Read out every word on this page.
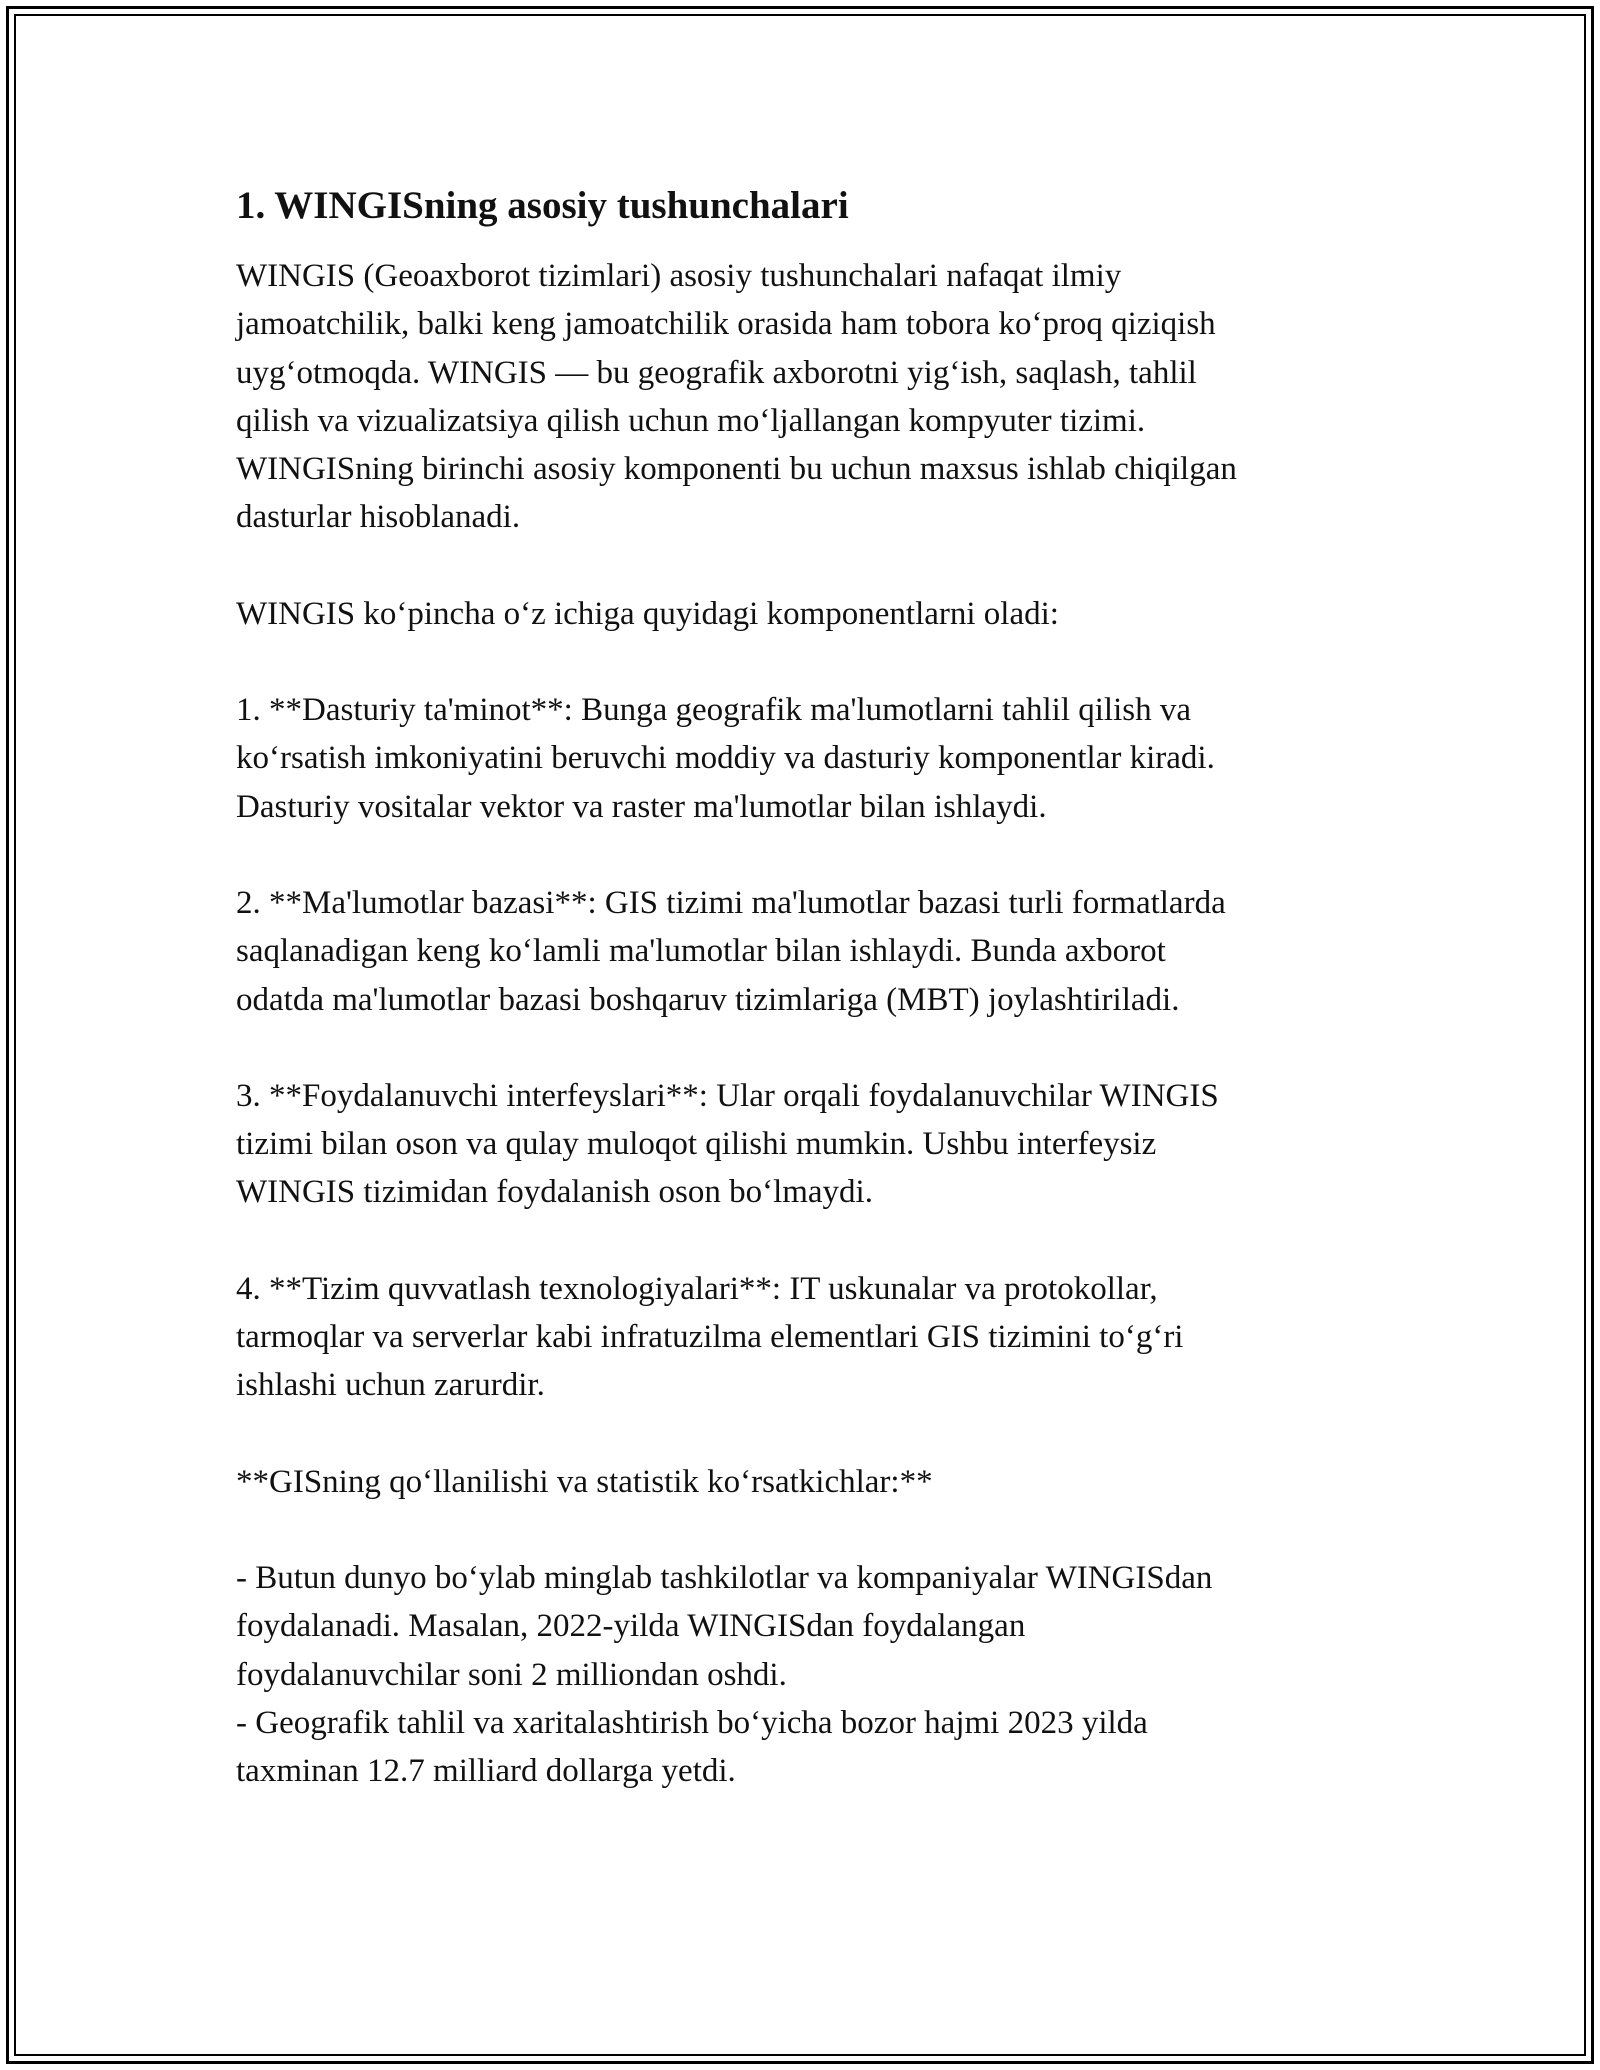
1. WINGISning asosiy tushunchalari
WINGIS (Geoaxborot tizimlari) asosiy tushunchalari nafaqat ilmiy
jamoatchilik, balki keng jamoatchilik orasida ham tobora ko‘proq qiziqish
uyg‘otmoqda. WINGIS — bu geografik axborotni yig‘ish, saqlash, tahlil
qilish va vizualizatsiya qilish uchun mo‘ljallangan kompyuter tizimi.
WINGISning birinchi asosiy komponenti bu uchun maxsus ishlab chiqilgan
dasturlar hisoblanadi.
WINGIS ko‘pincha o‘z ichiga quyidagi komponentlarni oladi:
1. **Dasturiy ta'minot**: Bunga geografik ma'lumotlarni tahlil qilish va
ko‘rsatish imkoniyatini beruvchi moddiy va dasturiy komponentlar kiradi.
Dasturiy vositalar vektor va raster ma'lumotlar bilan ishlaydi.
2. **Ma'lumotlar bazasi**: GIS tizimi ma'lumotlar bazasi turli formatlarda
saqlanadigan keng ko‘lamli ma'lumotlar bilan ishlaydi. Bunda axborot
odatda ma'lumotlar bazasi boshqaruv tizimlariga (MBT) joylashtiriladi.
3. **Foydalanuvchi interfeyslari**: Ular orqali foydalanuvchilar WINGIS
tizimi bilan oson va qulay muloqot qilishi mumkin. Ushbu interfeysiz
WINGIS tizimidan foydalanish oson bo‘lmaydi.
4. **Tizim quvvatlash texnologiyalari**: IT uskunalar va protokollar,
tarmoqlar va serverlar kabi infratuzilma elementlari GIS tizimini to‘g‘ri
ishlashi uchun zarurdir.
**GISning qo‘llanilishi va statistik ko‘rsatkichlar:**
- Butun dunyo bo‘ylab minglab tashkilotlar va kompaniyalar WINGISdan
foydalanadi. Masalan, 2022-yilda WINGISdan foydalangan
foydalanuvchilar soni 2 milliondan oshdi.
- Geografik tahlil va xaritalashtirish bo‘yicha bozor hajmi 2023 yilda
taxminan 12.7 milliard dollarga yetdi.
